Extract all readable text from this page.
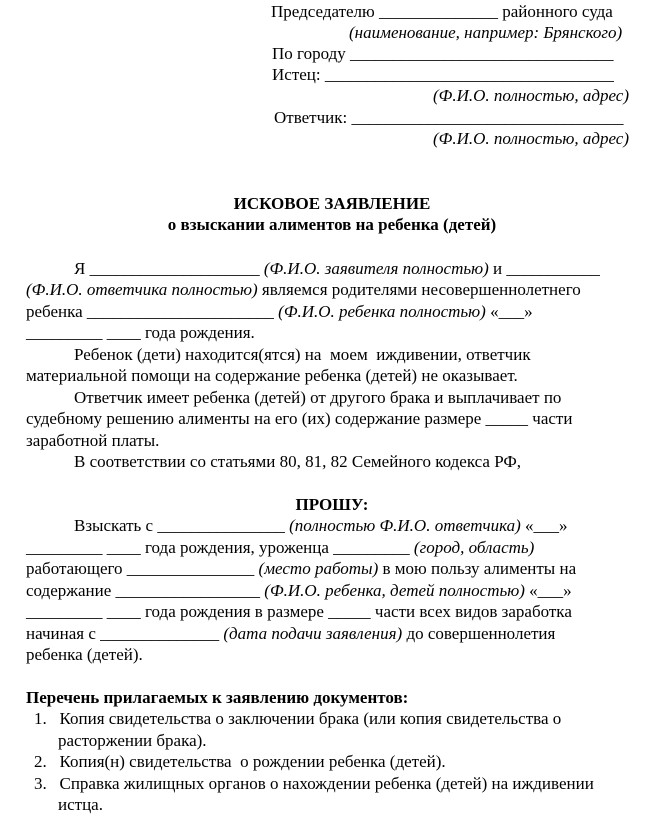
Председателю ______________ районного суда
(наименование, например: Брянского)
По городу _______________________________
Истец: __________________________________
(Ф.И.О. полностью, адрес)
Ответчик: ________________________________
(Ф.И.О. полностью, адрес)
ИСКОВОЕ ЗАЯВЛЕНИЕ
о взыскании алиментов на ребенка (детей)
Я ____________________ (Ф.И.О. заявителя полностью) и ___________
(Ф.И.О. ответчика полностью) являемся родителями несовершеннолетнего
ребенка ______________________ (Ф.И.О. ребенка полностью) «___»
_________ ____ года рождения.
Ребенок (дети) находится(ятся) на  моем  иждивении, ответчик
материальной помощи на содержание ребенка (детей) не оказывает.
Ответчик имеет ребенка (детей) от другого брака и выплачивает по
судебному решению алименты на его (их) содержание размере _____ части
заработной платы.
В соответствии со статьями 80, 81, 82 Семейного кодекса РФ,
ПРОШУ:
Взыскать с _______________ (полностью Ф.И.О. ответчика) «___»
_________ ____ года рождения, уроженца _________ (город, область)
работающего _______________ (место работы) в мою пользу алименты на
содержание _________________ (Ф.И.О. ребенка, детей полностью) «___»
_________ ____ года рождения в размере _____ части всех видов заработка
начиная с ______________ (дата подачи заявления) до совершеннолетия
ребенка (детей).
Перечень прилагаемых к заявлению документов:
1.   Копия свидетельства о заключении брака (или копия свидетельства о
расторжении брака).
2.   Копия(н) свидетельства  о рождении ребенка (детей).
3.   Справка жилищных органов о нахождении ребенка (детей) на иждивении
истца.
